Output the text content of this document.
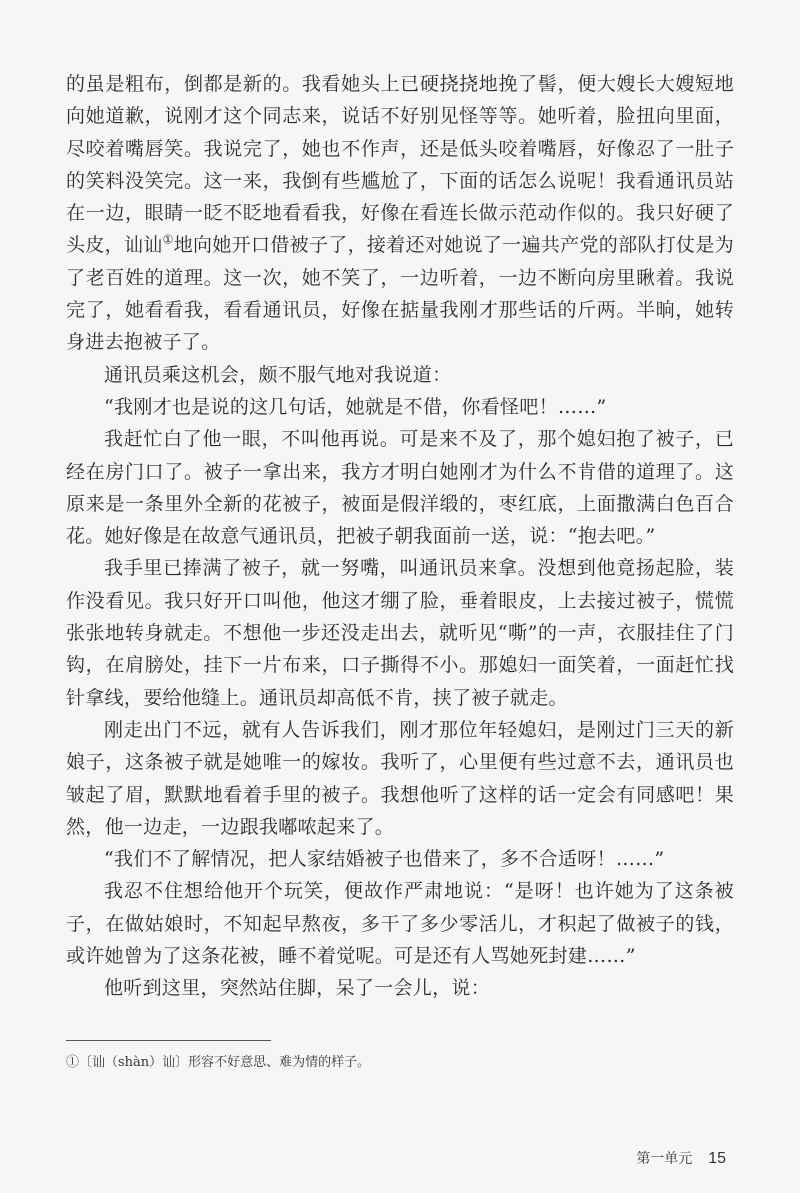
的虽是粗布，倒都是新的。我看她头上已硬挠挠地挽了髻，便大嫂长大嫂短地向她道歉，说刚才这个同志来，说话不好别见怪等等。她听着，脸扭向里面，尽咬着嘴唇笑。我说完了，她也不作声，还是低头咬着嘴唇，好像忍了一肚子的笑料没笑完。这一来，我倒有些尴尬了，下面的话怎么说呢！我看通讯员站在一边，眼睛一眨不眨地看看我，好像在看连长做示范动作似的。我只好硬了头皮，讪讪①地向她开口借被子了，接着还对她说了一遍共产党的部队打仗是为了老百姓的道理。这一次，她不笑了，一边听着，一边不断向房里瞅着。我说完了，她看看我，看看通讯员，好像在掂量我刚才那些话的斤两。半晌，她转身进去抱被子了。

通讯员乘这机会，颇不服气地对我说道：

“我刚才也是说的这几句话，她就是不借，你看怪吧！……”

我赶忙白了他一眼，不叫他再说。可是来不及了，那个媳妇抱了被子，已经在房门口了。被子一拿出来，我方才明白她刚才为什么不肯借的道理了。这原来是一条里外全新的花被子，被面是假洋缎的，枣红底，上面撒满白色百合花。她好像是在故意气通讯员，把被子朝我面前一送，说：“抱去吧。”

我手里已捧满了被子，就一努嘴，叫通讯员来拿。没想到他竟扬起脸，装作没看见。我只好开口叫他，他这才绷了脸，垂着眼皮，上去接过被子，慌慌张张地转身就走。不想他一步还没走出去，就听见“嘶”的一声，衣服挂住了门钩，在肩膀处，挂下一片布来，口子撕得不小。那媳妇一面笑着，一面赶忙找针拿线，要给他缝上。通讯员却高低不肯，挟了被子就走。

刚走出门不远，就有人告诉我们，刚才那位年轻媳妇，是刚过门三天的新娘子，这条被子就是她唯一的嫁妆。我听了，心里便有些过意不去，通讯员也皱起了眉，默默地看着手里的被子。我想他听了这样的话一定会有同感吧！果然，他一边走，一边跟我嘟哝起来了。

“我们不了解情况，把人家结婚被子也借来了，多不合适呀！……”

我忍不住想给他开个玩笑，便故作严肃地说：“是呀！也许她为了这条被子，在做姑娘时，不知起早熬夜，多干了多少零活儿，才积起了做被子的钱，或许她曾为了这条花被，睡不着觉呢。可是还有人骂她死封建……”

他听到这里，突然站住脚，呆了一会儿，说：

①〔讪（shàn）讪〕形容不好意思、难为情的样子。
第一单元 15
